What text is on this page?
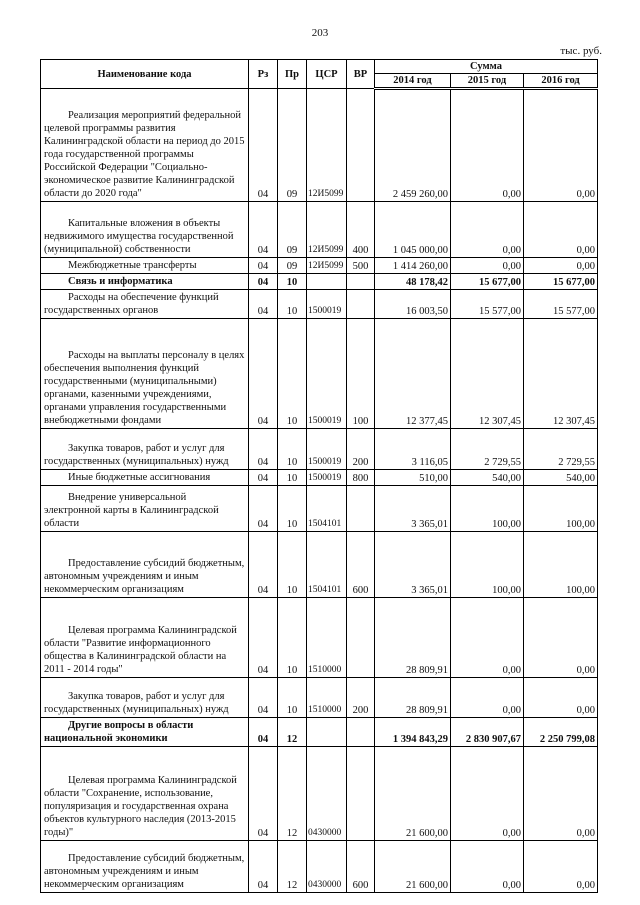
203
тыс. руб.
Наименование кода	Рз	Пр	ЦСР	ВР	Сумма		
					2014 год	2015 год	2016 год

Реализация мероприятий федеральной целевой программы развития Калининградской области на период до 2015 года государственной программы Российской Федерации "Социально-экономическое развитие Калининградской области до 2020 года"	04	09	12И5099		2 459 260,00	0,00	0,00

Капитальные вложения в объекты недвижимого имущества государственной (муниципальной) собственности	04	09	12И5099	400	1 045 000,00	0,00	0,00

Межбюджетные трансферты	04	09	12И5099	500	1 414 260,00	0,00	0,00

Связь и информатика	04	10			48 178,42	15 677,00	15 677,00

Расходы на обеспечение функций государственных органов	04	10	1500019		16 003,50	15 577,00	15 577,00

Расходы на выплаты персоналу в целях обеспечения выполнения функций государственными (муниципальными) органами, казенными учреждениями, органами управления государственными внебюджетными фондами	04	10	1500019	100	12 377,45	12 307,45	12 307,45

Закупка товаров, работ и услуг для государственных (муниципальных) нужд	04	10	1500019	200	3 116,05	2 729,55	2 729,55

Иные бюджетные ассигнования	04	10	1500019	800	510,00	540,00	540,00

Внедрение универсальной электронной карты в Калининградской области	04	10	1504101		3 365,01	100,00	100,00

Предоставление субсидий бюджетным, автономным учреждениям и иным некоммерческим организациям	04	10	1504101	600	3 365,01	100,00	100,00

Целевая программа Калининградской области "Развитие информационного общества в Калининградской области на 2011 - 2014 годы"	04	10	1510000		28 809,91	0,00	0,00

Закупка товаров, работ и услуг для государственных (муниципальных) нужд	04	10	1510000	200	28 809,91	0,00	0,00

Другие вопросы в области национальной экономики	04	12			1 394 843,29	2 830 907,67	2 250 799,08

Целевая программа Калининградской области "Сохранение, использование, популяризация и государственная охрана объектов культурного наследия (2013-2015 годы)"	04	12	0430000		21 600,00	0,00	0,00

Предоставление субсидий бюджетным, автономным учреждениям и иным некоммерческим организациям	04	12	0430000	600	21 600,00	0,00	0,00
